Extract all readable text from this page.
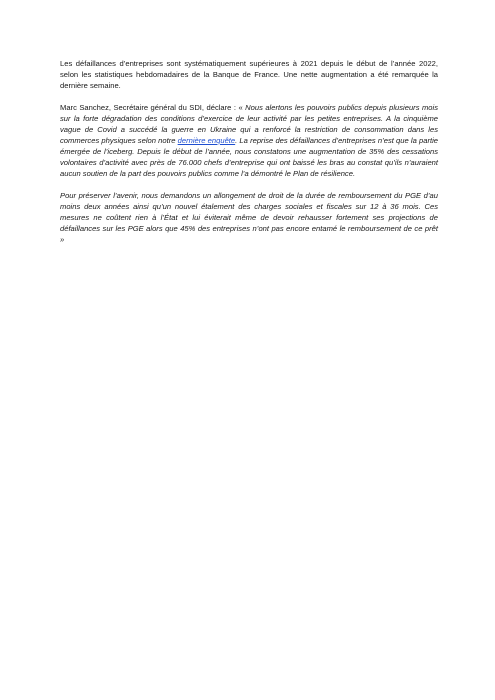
Les défaillances d’entreprises sont systématiquement supérieures à 2021 depuis le début de l’année 2022, selon les statistiques hebdomadaires de la Banque de France. Une nette augmentation a été remarquée la dernière semaine.

Marc Sanchez, Secrétaire général du SDI, déclare : « Nous alertons les pouvoirs publics depuis plusieurs mois sur la forte dégradation des conditions d’exercice de leur activité par les petites entreprises. A la cinquième vague de Covid a succédé la guerre en Ukraine qui a renforcé la restriction de consommation dans les commerces physiques selon notre dernière enquête. La reprise des défaillances d’entreprises n’est que la partie émergée de l’iceberg. Depuis le début de l’année, nous constatons une augmentation de 35% des cessations volontaires d’activité avec près de 76.000 chefs d’entreprise qui ont baissé les bras au constat qu’ils n’auraient aucun soutien de la part des pouvoirs publics comme l’a démontré le Plan de résilience.

Pour préserver l’avenir, nous demandons un allongement de droit de la durée de remboursement du PGE d’au moins deux années ainsi qu’un nouvel étalement des charges sociales et fiscales sur 12 à 36 mois. Ces mesures ne coûtent rien à l’État et lui éviterait même de devoir rehausser fortement ses projections de défaillances sur les PGE alors que 45% des entreprises n’ont pas encore entamé le remboursement de ce prêt »
